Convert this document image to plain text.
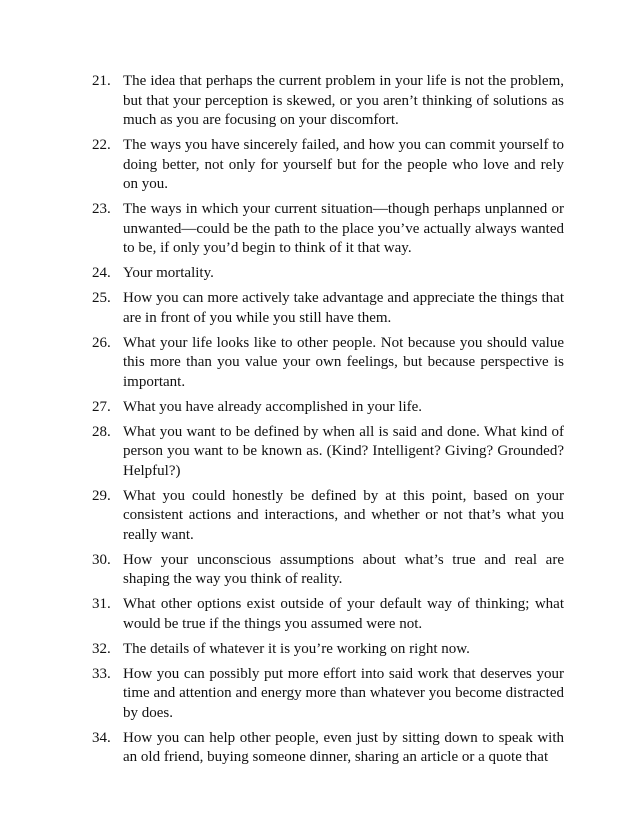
21. The idea that perhaps the current problem in your life is not the problem, but that your perception is skewed, or you aren’t thinking of solutions as much as you are focusing on your discomfort.
22. The ways you have sincerely failed, and how you can commit yourself to doing better, not only for yourself but for the people who love and rely on you.
23. The ways in which your current situation—though perhaps unplanned or unwanted—could be the path to the place you’ve actually always wanted to be, if only you’d begin to think of it that way.
24. Your mortality.
25. How you can more actively take advantage and appreciate the things that are in front of you while you still have them.
26. What your life looks like to other people. Not because you should value this more than you value your own feelings, but because perspective is important.
27. What you have already accomplished in your life.
28. What you want to be defined by when all is said and done. What kind of person you want to be known as. (Kind? Intelligent? Giving? Grounded? Helpful?)
29. What you could honestly be defined by at this point, based on your consistent actions and interactions, and whether or not that’s what you really want.
30. How your unconscious assumptions about what’s true and real are shaping the way you think of reality.
31. What other options exist outside of your default way of thinking; what would be true if the things you assumed were not.
32. The details of whatever it is you’re working on right now.
33. How you can possibly put more effort into said work that deserves your time and attention and energy more than whatever you become distracted by does.
34. How you can help other people, even just by sitting down to speak with an old friend, buying someone dinner, sharing an article or a quote that
